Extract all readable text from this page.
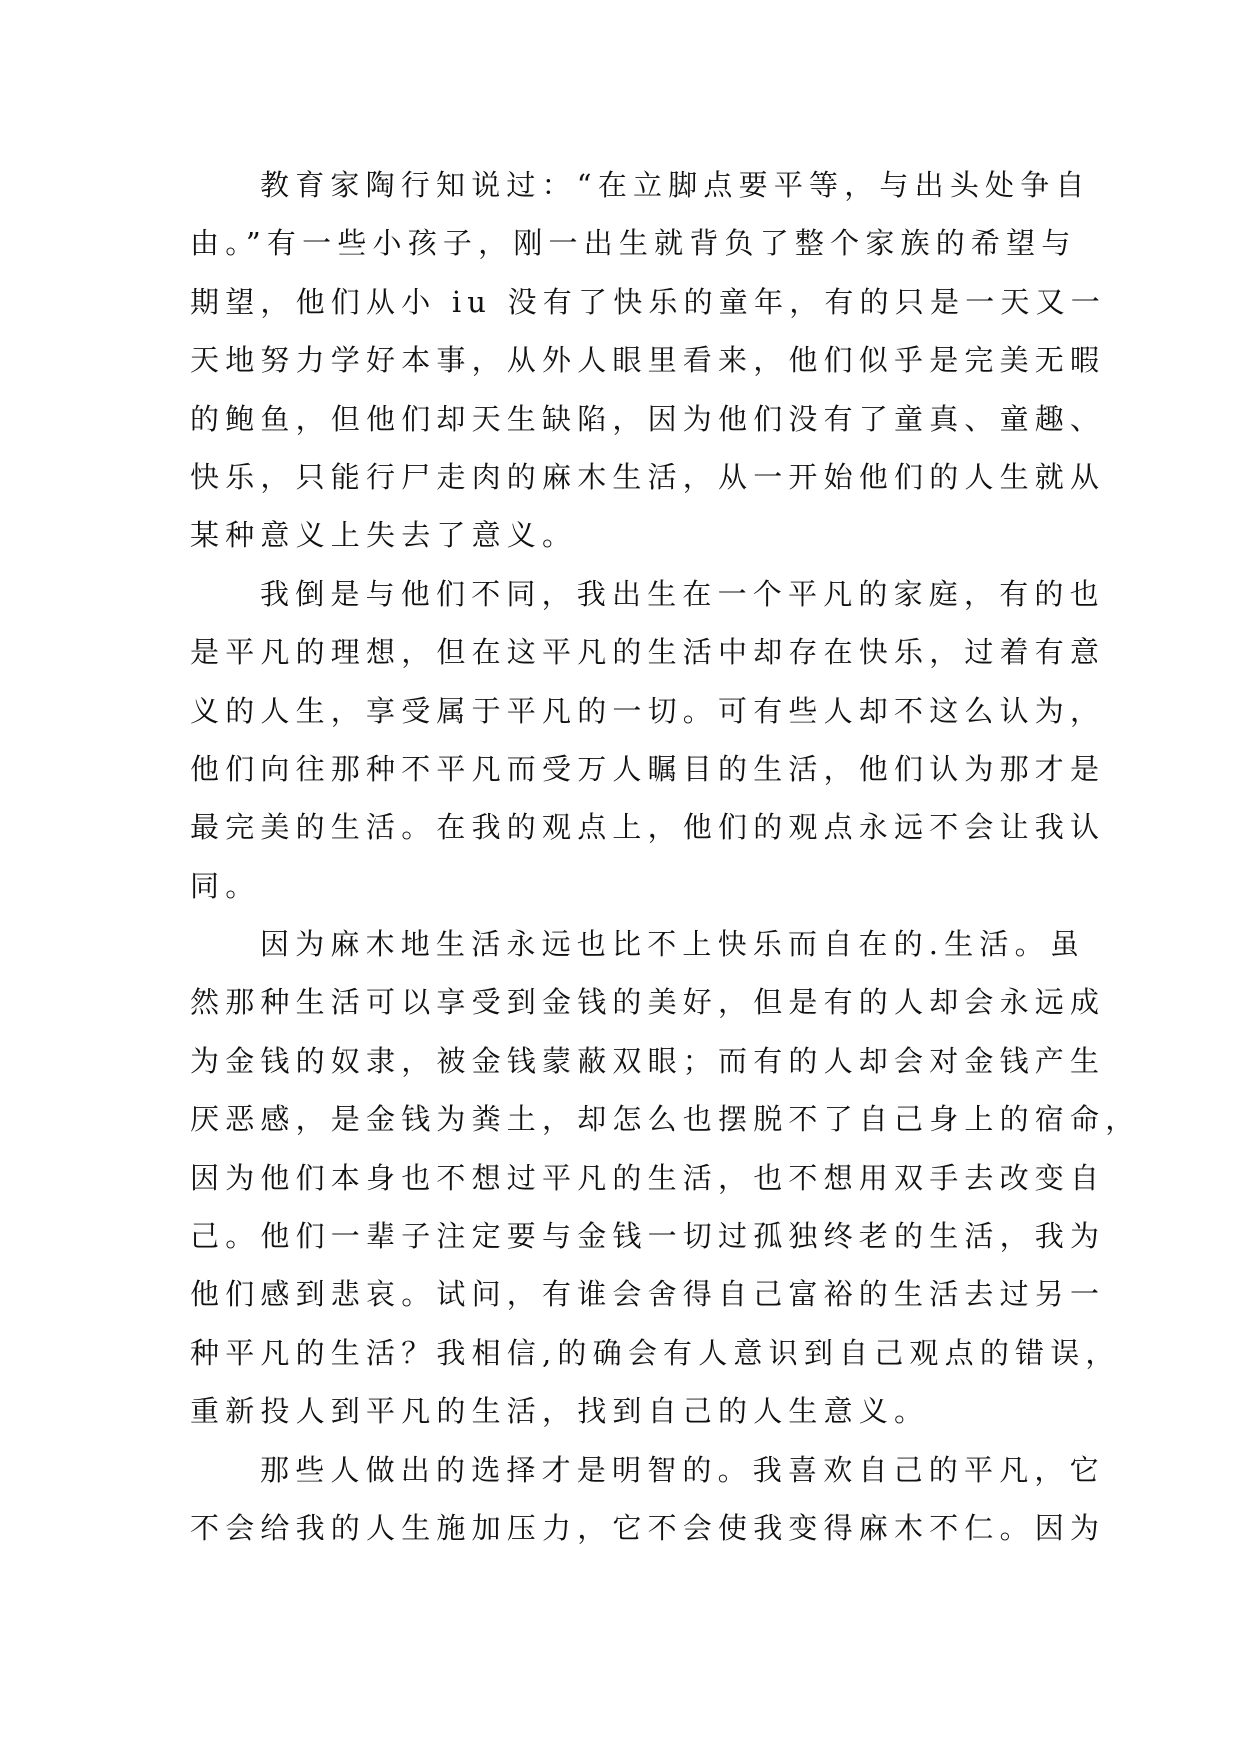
教育家陶行知说过：“在立脚点要平等，与出头处争自
由。”有一些小孩子，刚一出生就背负了整个家族的希望与
期望，他们从小 iu 没有了快乐的童年，有的只是一天又一
天地努力学好本事，从外人眼里看来，他们似乎是完美无暇
的鲍鱼，但他们却天生缺陷，因为他们没有了童真、童趣、
快乐，只能行尸走肉的麻木生活，从一开始他们的人生就从
某种意义上失去了意义。
我倒是与他们不同，我出生在一个平凡的家庭，有的也
是平凡的理想，但在这平凡的生活中却存在快乐，过着有意
义的人生，享受属于平凡的一切。可有些人却不这么认为，
他们向往那种不平凡而受万人瞩目的生活，他们认为那才是
最完美的生活。在我的观点上，他们的观点永远不会让我认
同。
因为麻木地生活永远也比不上快乐而自在的.生活。虽
然那种生活可以享受到金钱的美好，但是有的人却会永远成
为金钱的奴隶，被金钱蒙蔽双眼；而有的人却会对金钱产生
厌恶感，是金钱为粪土，却怎么也摆脱不了自己身上的宿命，
因为他们本身也不想过平凡的生活，也不想用双手去改变自
己。他们一辈子注定要与金钱一切过孤独终老的生活，我为
他们感到悲哀。试问，有谁会舍得自己富裕的生活去过另一
种平凡的生活？我相信,的确会有人意识到自己观点的错误，
重新投人到平凡的生活，找到自己的人生意义。
那些人做出的选择才是明智的。我喜欢自己的平凡，它
不会给我的人生施加压力，它不会使我变得麻木不仁。因为
